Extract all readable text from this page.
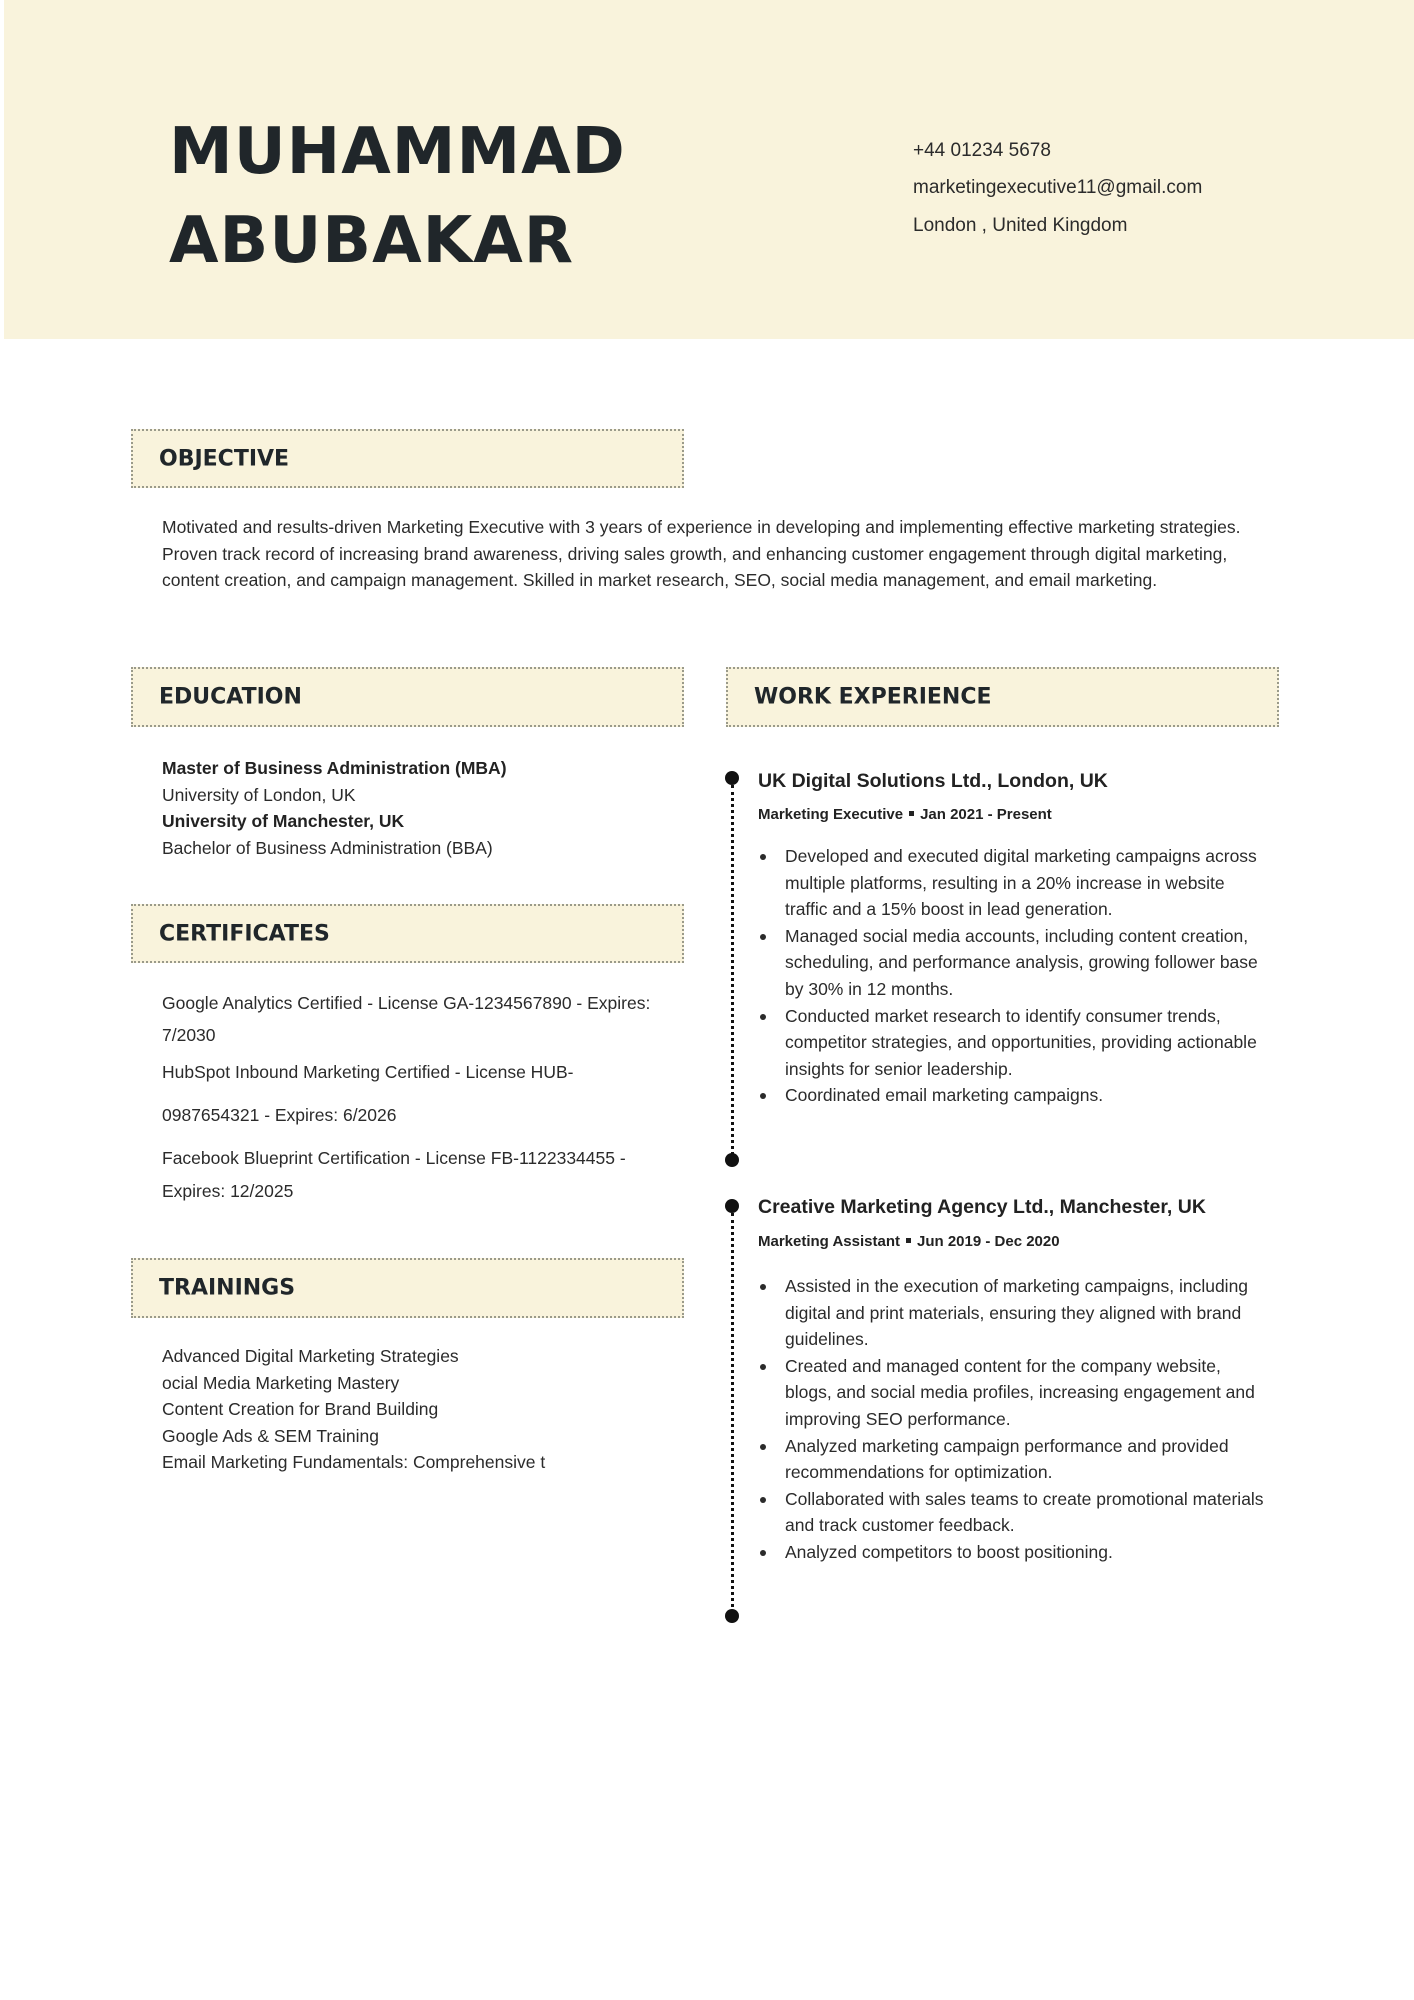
MUHAMMAD
ABUBAKAR
+44 01234 5678
marketingexecutive11@gmail.com
London , United Kingdom
OBJECTIVE

Motivated and results-driven Marketing Executive with 3 years of experience in developing and implementing effective marketing strategies.

Proven track record of increasing brand awareness, driving sales growth, and enhancing customer engagement through digital marketing,

content creation, and campaign management. Skilled in market research, SEO, social media management, and email marketing.

EDUCATION
Master of Business Administration (MBA)
University of London, UK
University of Manchester, UK
Bachelor of Business Administration (BBA)
CERTIFICATES
Google Analytics Certified - License GA-1234567890 - Expires:
7/2030
HubSpot Inbound Marketing Certified - License HUB-
0987654321 - Expires: 6/2026
Facebook Blueprint Certification - License FB-1122334455 -
Expires: 12/2025
TRAININGS
Advanced Digital Marketing Strategies
ocial Media Marketing Mastery
Content Creation for Brand Building
Google Ads & SEM Training
Email Marketing Fundamentals: Comprehensive t
WORK EXPERIENCE
UK Digital Solutions Ltd., London, UK
Marketing Executive Jan 2021 - Present
Developed and executed digital marketing campaigns across
multiple platforms, resulting in a 20% increase in website
traffic and a 15% boost in lead generation.
Managed social media accounts, including content creation,
scheduling, and performance analysis, growing follower base
by 30% in 12 months.
Conducted market research to identify consumer trends,
competitor strategies, and opportunities, providing actionable
insights for senior leadership.
Coordinated email marketing campaigns.
Creative Marketing Agency Ltd., Manchester, UK
Marketing Assistant Jun 2019 - Dec 2020
Assisted in the execution of marketing campaigns, including
digital and print materials, ensuring they aligned with brand
guidelines.
Created and managed content for the company website,
blogs, and social media profiles, increasing engagement and
improving SEO performance.
Analyzed marketing campaign performance and provided
recommendations for optimization.
Collaborated with sales teams to create promotional materials
and track customer feedback.
Analyzed competitors to boost positioning.
